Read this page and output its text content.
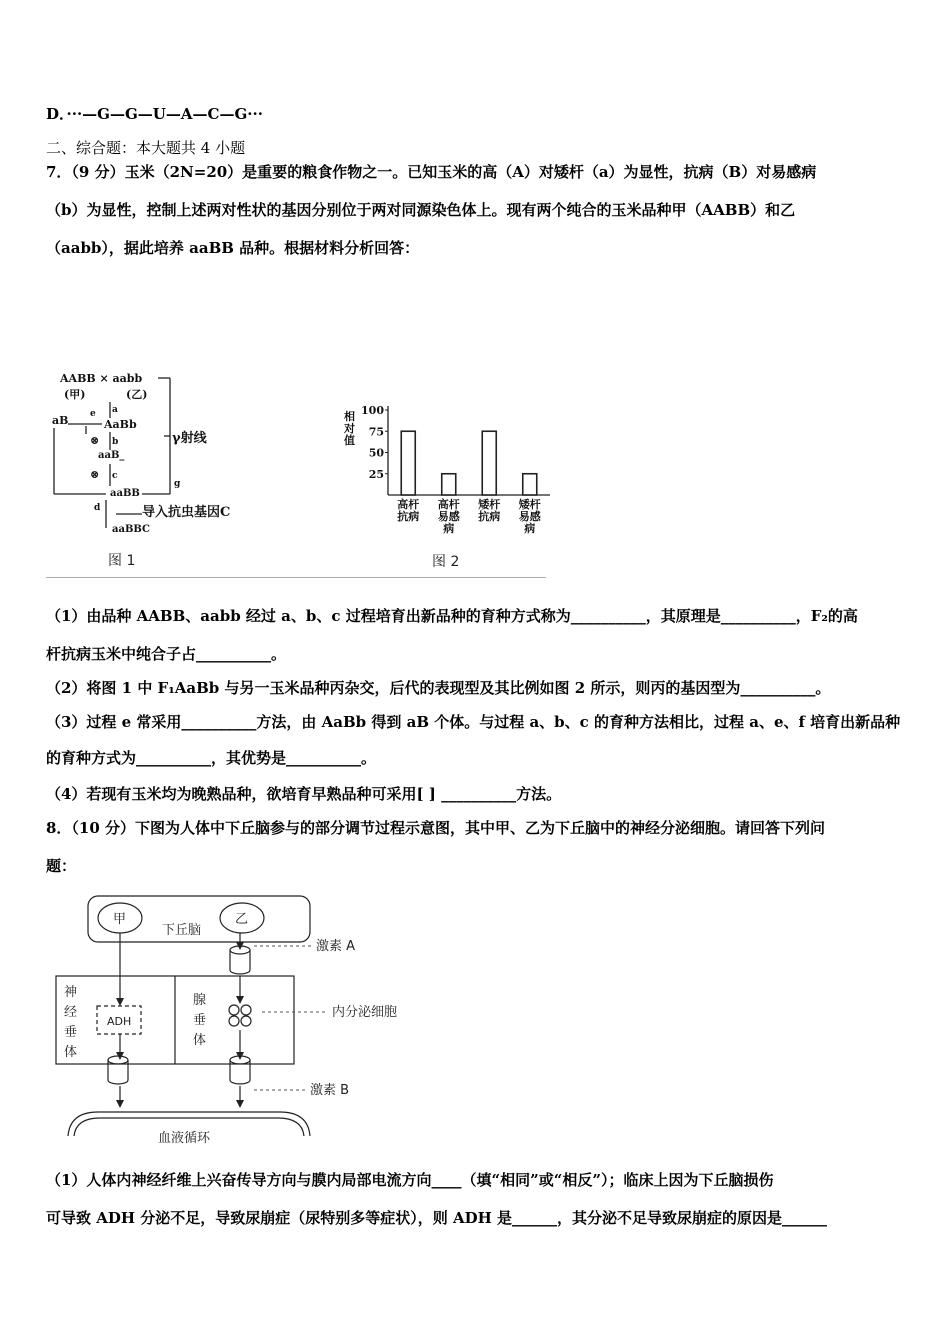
D．···—G—G—U—A—C—G···
二、综合题：本大题共 4 小题
7．（9 分）玉米（2N=20）是重要的粮食作物之一。已知玉米的高（A）对矮杆（a）为显性，抗病（B）对易感病
（b）为显性，控制上述两对性状的基因分别位于两对同源染色体上。现有两个纯合的玉米品种甲（AABB）和乙
（aabb），据此培养 aaBB 品种。根据材料分析回答：
AABB × aabb
(甲)	(乙)
a
aB e
AaBb
⊗ b
aaB_
⊗ c
aaBB
d
γ射线
g
导入抗虫基因C
aaBBC
图 1
相
对
值
100
75
50
25
高杆
抗病
高杆
易感
病
矮杆
抗病
矮杆
易感
病
图 2
（1）由品种 AABB、aabb 经过 a、b、c 过程培育出新品种的育种方式称为__________，其原理是__________，F₂的高
杆抗病玉米中纯合子占__________。
（2）将图 1 中 F₁AaBb 与另一玉米品种丙杂交，后代的表现型及其比例如图 2 所示，则丙的基因型为__________。
（3）过程 e 常采用__________方法，由 AaBb 得到 aB 个体。与过程 a、b、c 的育种方法相比，过程 a、e、f 培育出新品种
的育种方式为__________，其优势是__________。
（4）若现有玉米均为晚熟品种，欲培育早熟品种可采用[ ] __________方法。
8．（10 分）下图为人体中下丘脑参与的部分调节过程示意图，其中甲、乙为下丘脑中的神经分泌细胞。请回答下列问
题：
甲	乙
下丘脑
激素 A
神
经
垂
体
ADH
腺
垂
体
内分泌细胞
激素 B
血液循环
（1）人体内神经纤维上兴奋传导方向与膜内局部电流方向____（填“相同”或“相反”）；临床上因为下丘脑损伤
可导致 ADH 分泌不足，导致尿崩症（尿特别多等症状），则 ADH 是______，其分泌不足导致尿崩症的原因是______
